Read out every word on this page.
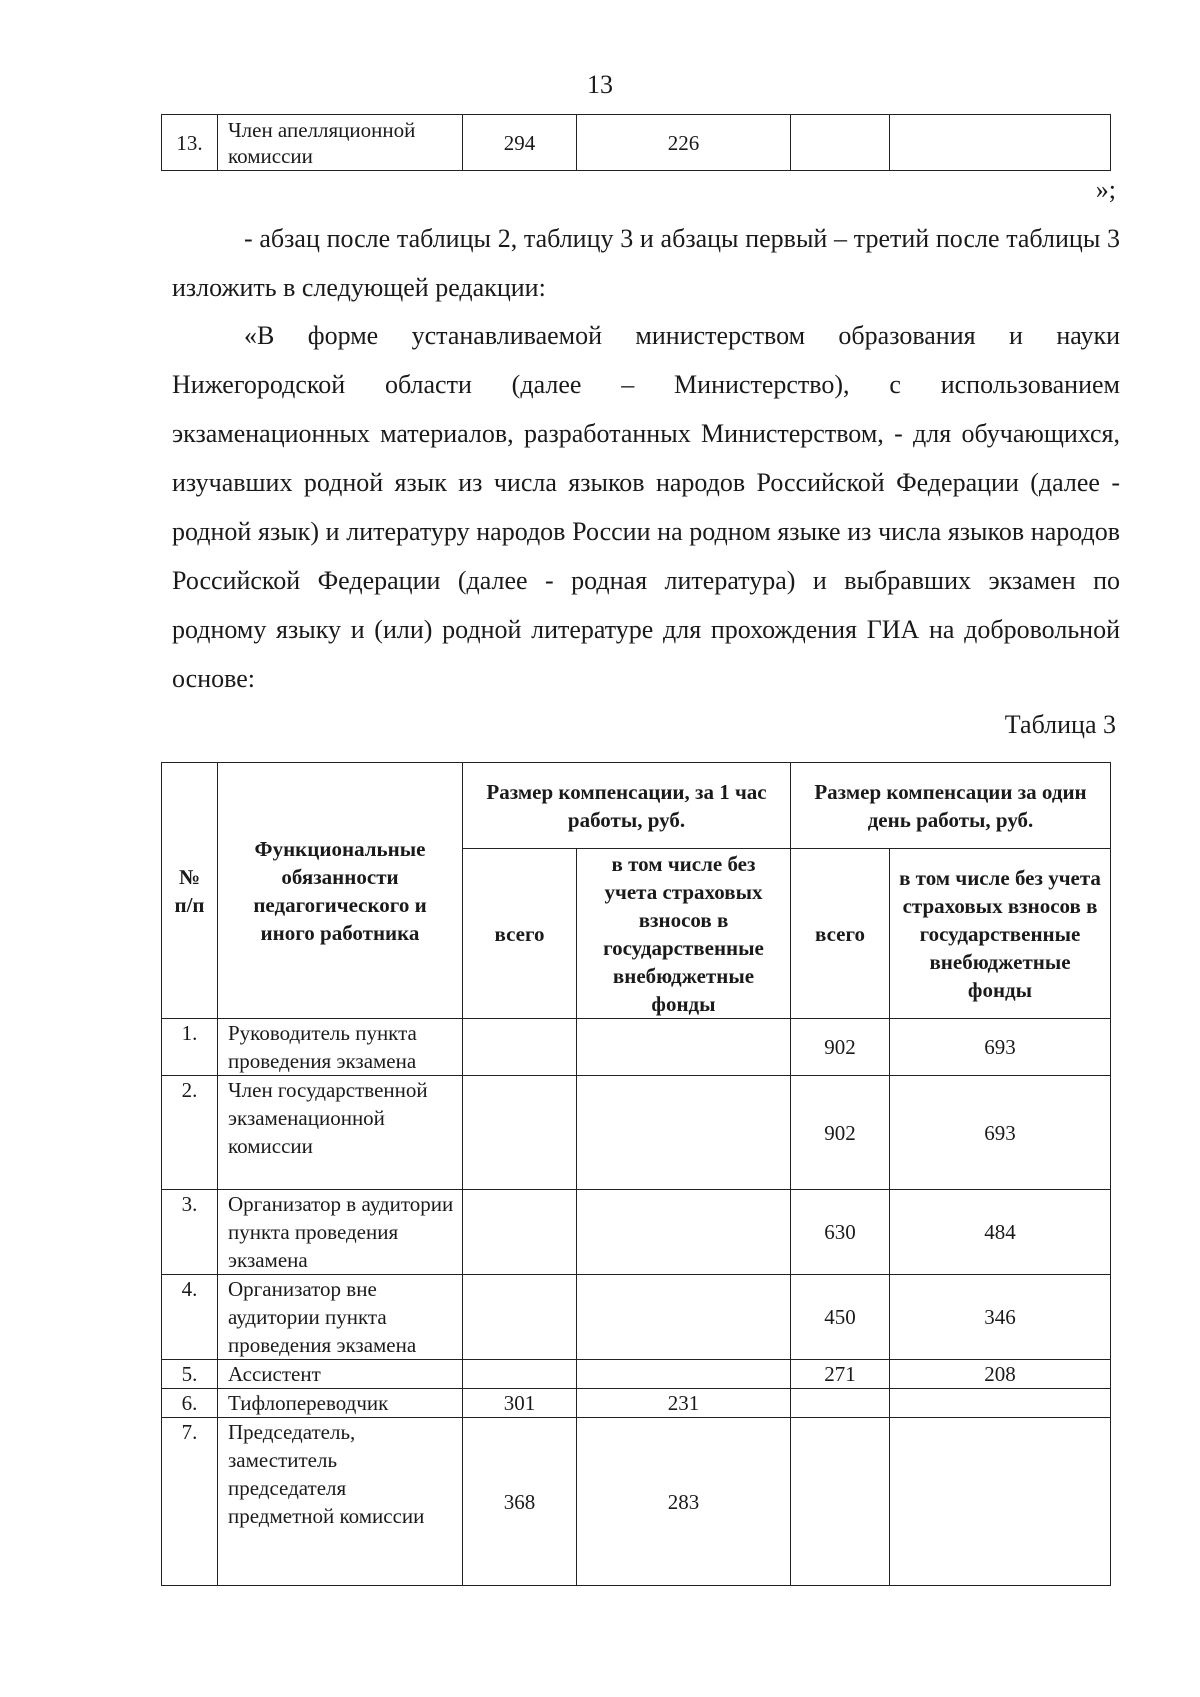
13
13.	Член апелляционной комиссии	294	226		
»;

- абзац после таблицы 2, таблицу 3 и абзацы первый – третий после таблицы 3 изложить в следующей редакции:

«В форме устанавливаемой министерством образования и науки Нижегородской области (далее – Министерство), с использованием экзаменационных материалов, разработанных Министерством, - для обучающихся, изучавших родной язык из числа языков народов Российской Федерации (далее - родной язык) и литературу народов России на родном языке из числа языков народов Российской Федерации (далее - родная литература) и выбравших экзамен по родному языку и (или) родной литературе для прохождения ГИА на добровольной основе:

Таблица 3
№ п/п	Функциональные обязанности педагогического и иного работника	Размер компенсации, за 1 час работы, руб.		Размер компенсации за один день работы, руб.	
		всего	в том числе без учета страховых взносов в государственные внебюджетные фонды	всего	в том числе без учета страховых взносов в государственные внебюджетные фонды
1.	Руководитель пункта проведения экзамена			902	693
2.	Член государственной экзаменационной комиссии			902	693
3.	Организатор в аудитории пункта проведения экзамена			630	484
4.	Организатор вне аудитории пункта проведения экзамена			450	346
5.	Ассистент			271	208
6.	Тифлопереводчик	301	231		
7.	Председатель, заместитель председателя предметной комиссии	368	283		
